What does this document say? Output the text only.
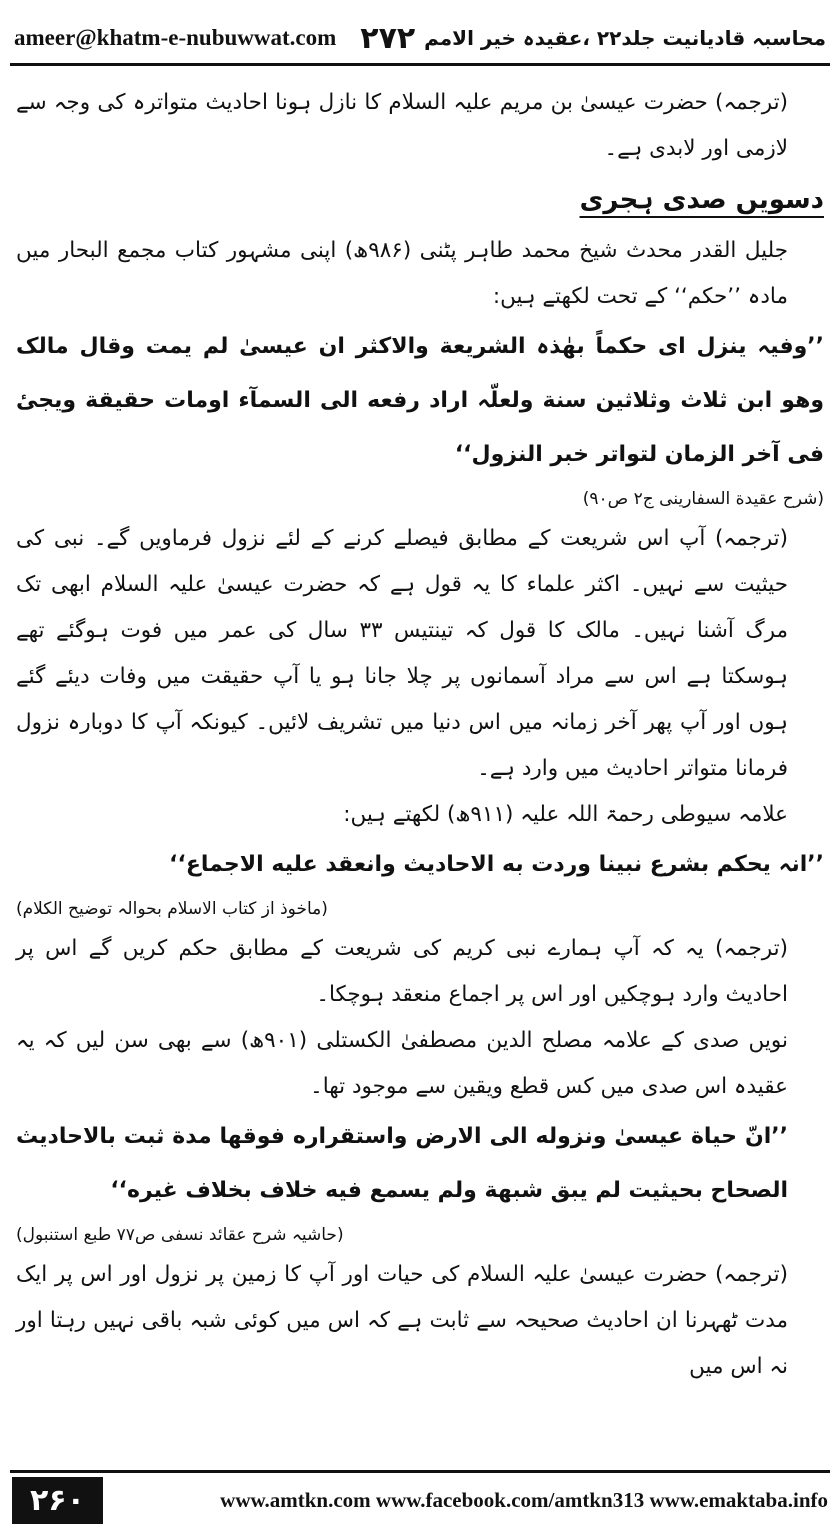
ameer@khatm-e-nubuwwat.com ۲۷۲ محاسبہ قادیانیت جلد۲۲ ،عقیدہ خیر الامم

(ترجمہ) حضرت عیسیٰ بن مریم علیہ السلام کا نازل ہونا احادیث متواترہ کی وجہ سے لازمی اور لابدی ہے۔

دسویں صدی ہجری

جلیل القدر محدث شیخ محمد طاہر پٹنی (۹۸۶ھ) اپنی مشہور کتاب مجمع البحار میں مادہ ’’حکم‘‘ کے تحت لکھتے ہیں:

’’وفیہ ینزل ای حکماً بھٰذہ الشریعة والاکثر ان عیسیٰ لم یمت وقال مالک وھو ابن ثلاث وثلاثین سنة ولعلّہ اراد رفعه الی السمآء اومات حقیقة ویجیٔ فی آخر الزمان لتواتر خبر النزول‘‘

(شرح عقیدة السفارینی ج۲ ص۹۰)

(ترجمہ) آپ اس شریعت کے مطابق فیصلے کرنے کے لئے نزول فرماویں گے۔ نبی کی حیثیت سے نہیں۔ اکثر علماء کا یہ قول ہے کہ حضرت عیسیٰ علیہ السلام ابھی تک مرگ آشنا نہیں۔ مالک کا قول کہ تینتیس ۳۳ سال کی عمر میں فوت ہوگئے تھے ہوسکتا ہے اس سے مراد آسمانوں پر چلا جانا ہو یا آپ حقیقت میں وفات دیئے گئے ہوں اور آپ پھر آخر زمانہ میں اس دنیا میں تشریف لائیں۔ کیونکہ آپ کا دوبارہ نزول فرمانا متواتر احادیث میں وارد ہے۔

علامہ سیوطی رحمۃ اللہ علیہ (۹۱۱ھ) لکھتے ہیں:

’’انہ یحکم بشرع نبینا وردت به الاحادیث وانعقد علیه الاجماع‘‘

(ماخوذ از کتاب الاسلام بحوالہ توضیح الکلام)

(ترجمہ) یہ کہ آپ ہمارے نبی کریم کی شریعت کے مطابق حکم کریں گے اس پر احادیث وارد ہوچکیں اور اس پر اجماع منعقد ہوچکا۔

نویں صدی کے علامہ مصلح الدین مصطفیٰ الکستلی (۹۰۱ھ) سے بھی سن لیں کہ یہ عقیدہ اس صدی میں کس قطع ویقین سے موجود تھا۔

’’انّ حیاة عیسیٰ ونزوله الی الارض واستقراره فوقھا مدة ثبت بالاحادیث الصحاح بحیثیت لم یبق شبھة ولم یسمع فیه خلاف بخلاف غیره‘‘

(حاشیہ شرح عقائد نسفی ص۷۷ طبع استنبول)

(ترجمہ) حضرت عیسیٰ علیہ السلام کی حیات اور آپ کا زمین پر نزول اور اس پر ایک مدت ٹھہرنا ان احادیث صحیحہ سے ثابت ہے کہ اس میں کوئی شبہ باقی نہیں رہتا اور نہ اس میں

۲۶۰	www.amtkn.com www.facebook.com/amtkn313 www.emaktaba.info
